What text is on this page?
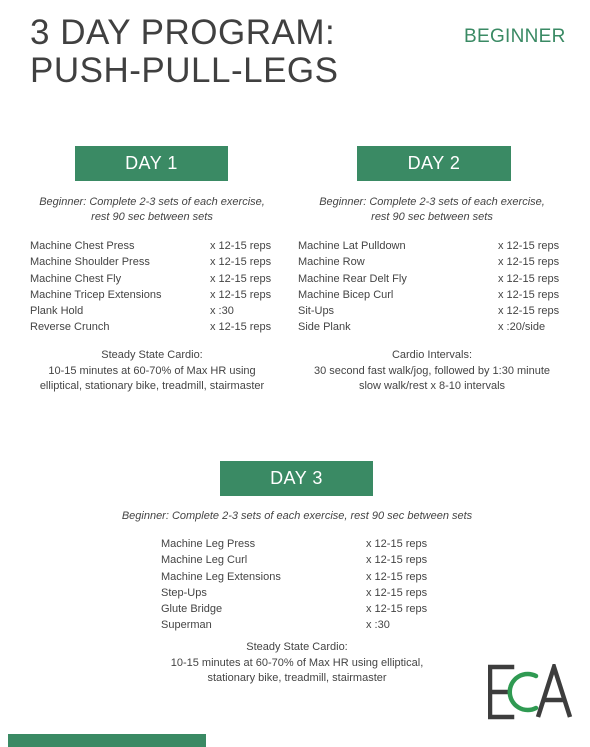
3 DAY PROGRAM:
PUSH-PULL-LEGS
BEGINNER
DAY 1
Beginner: Complete 2-3 sets of each exercise,
rest 90 sec between sets
Machine Chest Press	x 12-15 reps
Machine Shoulder Press	x 12-15 reps
Machine Chest Fly	x 12-15 reps
Machine Tricep Extensions	x 12-15 reps
Plank Hold	x :30
Reverse Crunch	x 12-15 reps
Steady State Cardio:
10-15 minutes at 60-70% of Max HR using
elliptical, stationary bike, treadmill, stairmaster
DAY 2
Beginner: Complete 2-3 sets of each exercise,
rest 90 sec between sets
Machine Lat Pulldown	x 12-15 reps
Machine Row	x 12-15 reps
Machine Rear Delt Fly	x 12-15 reps
Machine Bicep Curl	x 12-15 reps
Sit-Ups	x 12-15 reps
Side Plank	x :20/side
Cardio Intervals:
30 second fast walk/jog, followed by 1:30 minute
slow walk/rest x 8-10 intervals
DAY 3
Beginner: Complete 2-3 sets of each exercise, rest 90 sec between sets
Machine Leg Press	x 12-15 reps
Machine Leg Curl	x 12-15 reps
Machine Leg Extensions	x 12-15 reps
Step-Ups	x 12-15 reps
Glute Bridge	x 12-15 reps
Superman	x :30
Steady State Cardio:
10-15 minutes at 60-70% of Max HR using elliptical,
stationary bike, treadmill, stairmaster
